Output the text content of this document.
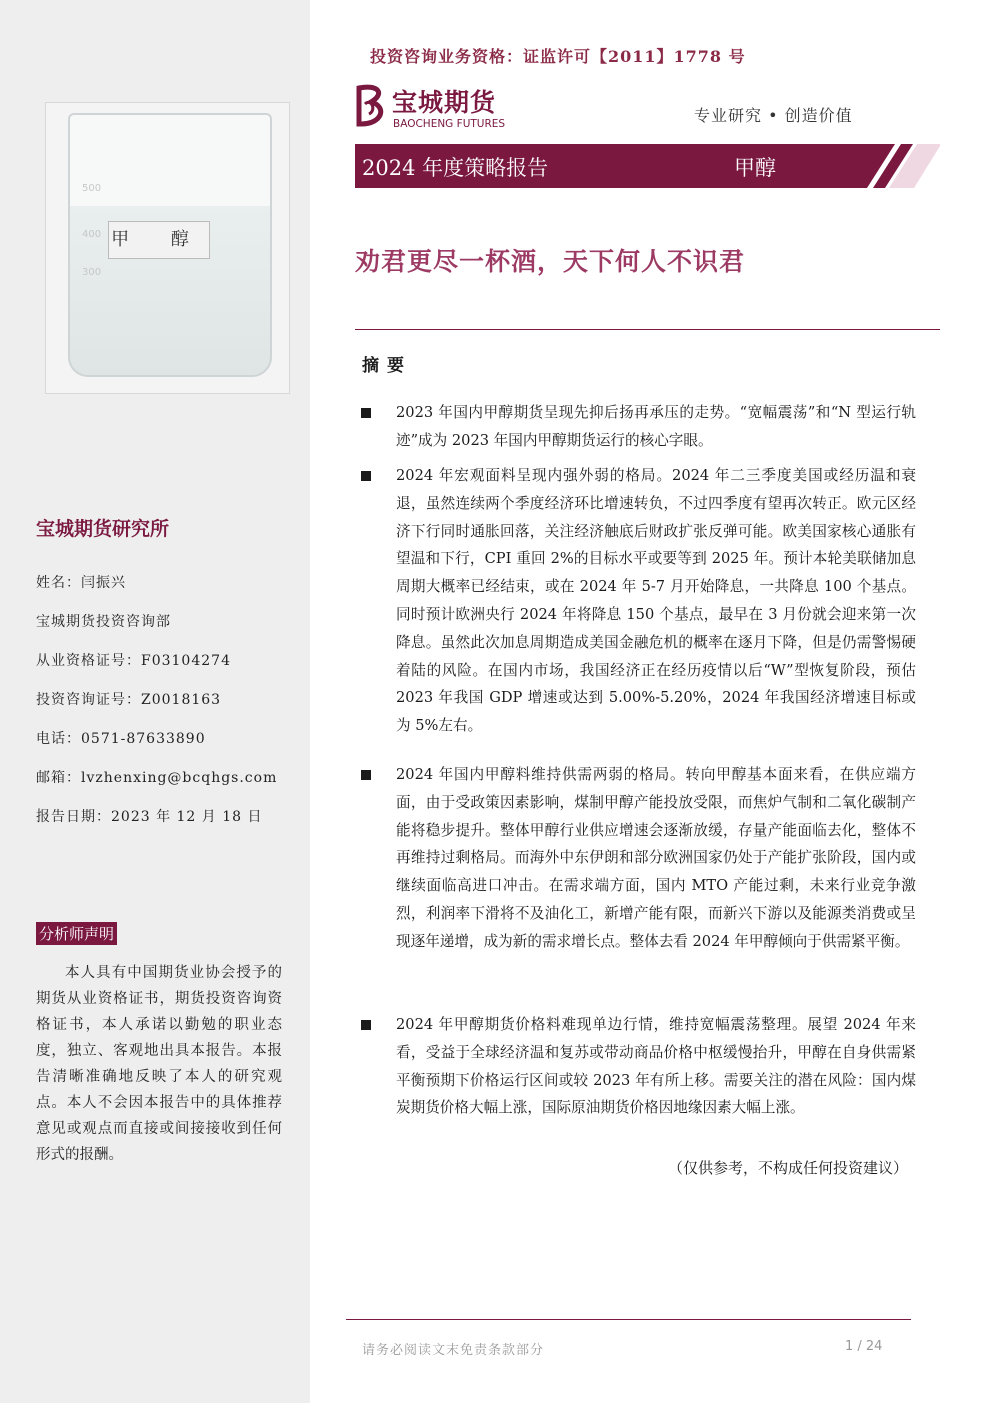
500
400
300
甲 醇
宝城期货研究所
姓名：闫振兴
宝城期货投资咨询部
从业资格证号：F03104274
投资咨询证号：Z0018163
电话：0571-87633890
邮箱：lvzhenxing@bcqhgs.com
报告日期：2023 年 12 月 18 日
分析师声明
本人具有中国期货业协会授予的期货从业资格证书，期货投资咨询资格证书，本人承诺以勤勉的职业态度，独立、客观地出具本报告。本报告清晰准确地反映了本人的研究观点。本人不会因本报告中的具体推荐意见或观点而直接或间接接收到任何形式的报酬。
投资咨询业务资格：证监许可【2011】1778 号
宝城期货
BAOCHENG FUTURES	专业研究 • 创造价值
2024 年度策略报告	甲醇
劝君更尽一杯酒，天下何人不识君
摘要
2023 年国内甲醇期货呈现先抑后扬再承压的走势。“宽幅震荡”和“N 型运行轨迹”成为 2023 年国内甲醇期货运行的核心字眼。
2024 年宏观面料呈现内强外弱的格局。2024 年二三季度美国或经历温和衰退，虽然连续两个季度经济环比增速转负，不过四季度有望再次转正。欧元区经济下行同时通胀回落，关注经济触底后财政扩张反弹可能。欧美国家核心通胀有望温和下行，CPI 重回 2%的目标水平或要等到 2025 年。预计本轮美联储加息周期大概率已经结束，或在 2024 年 5-7 月开始降息，一共降息 100 个基点。同时预计欧洲央行 2024 年将降息 150 个基点，最早在 3 月份就会迎来第一次降息。虽然此次加息周期造成美国金融危机的概率在逐月下降，但是仍需警惕硬着陆的风险。在国内市场，我国经济正在经历疫情以后“W”型恢复阶段，预估 2023 年我国 GDP 增速或达到 5.00%-5.20%，2024 年我国经济增速目标或为 5%左右。
2024 年国内甲醇料维持供需两弱的格局。转向甲醇基本面来看，在供应端方面，由于受政策因素影响，煤制甲醇产能投放受限，而焦炉气制和二氧化碳制产能将稳步提升。整体甲醇行业供应增速会逐渐放缓，存量产能面临去化，整体不再维持过剩格局。而海外中东伊朗和部分欧洲国家仍处于产能扩张阶段，国内或继续面临高进口冲击。在需求端方面，国内 MTO 产能过剩，未来行业竞争激烈，利润率下滑将不及油化工，新增产能有限，而新兴下游以及能源类消费或呈现逐年递增，成为新的需求增长点。整体去看 2024 年甲醇倾向于供需紧平衡。
2024 年甲醇期货价格料难现单边行情，维持宽幅震荡整理。展望 2024 年来看，受益于全球经济温和复苏或带动商品价格中枢缓慢抬升，甲醇在自身供需紧平衡预期下价格运行区间或较 2023 年有所上移。需要关注的潜在风险：国内煤炭期货价格大幅上涨，国际原油期货价格因地缘因素大幅上涨。
（仅供参考，不构成任何投资建议）
请务必阅读文末免责条款部分	1 / 24
